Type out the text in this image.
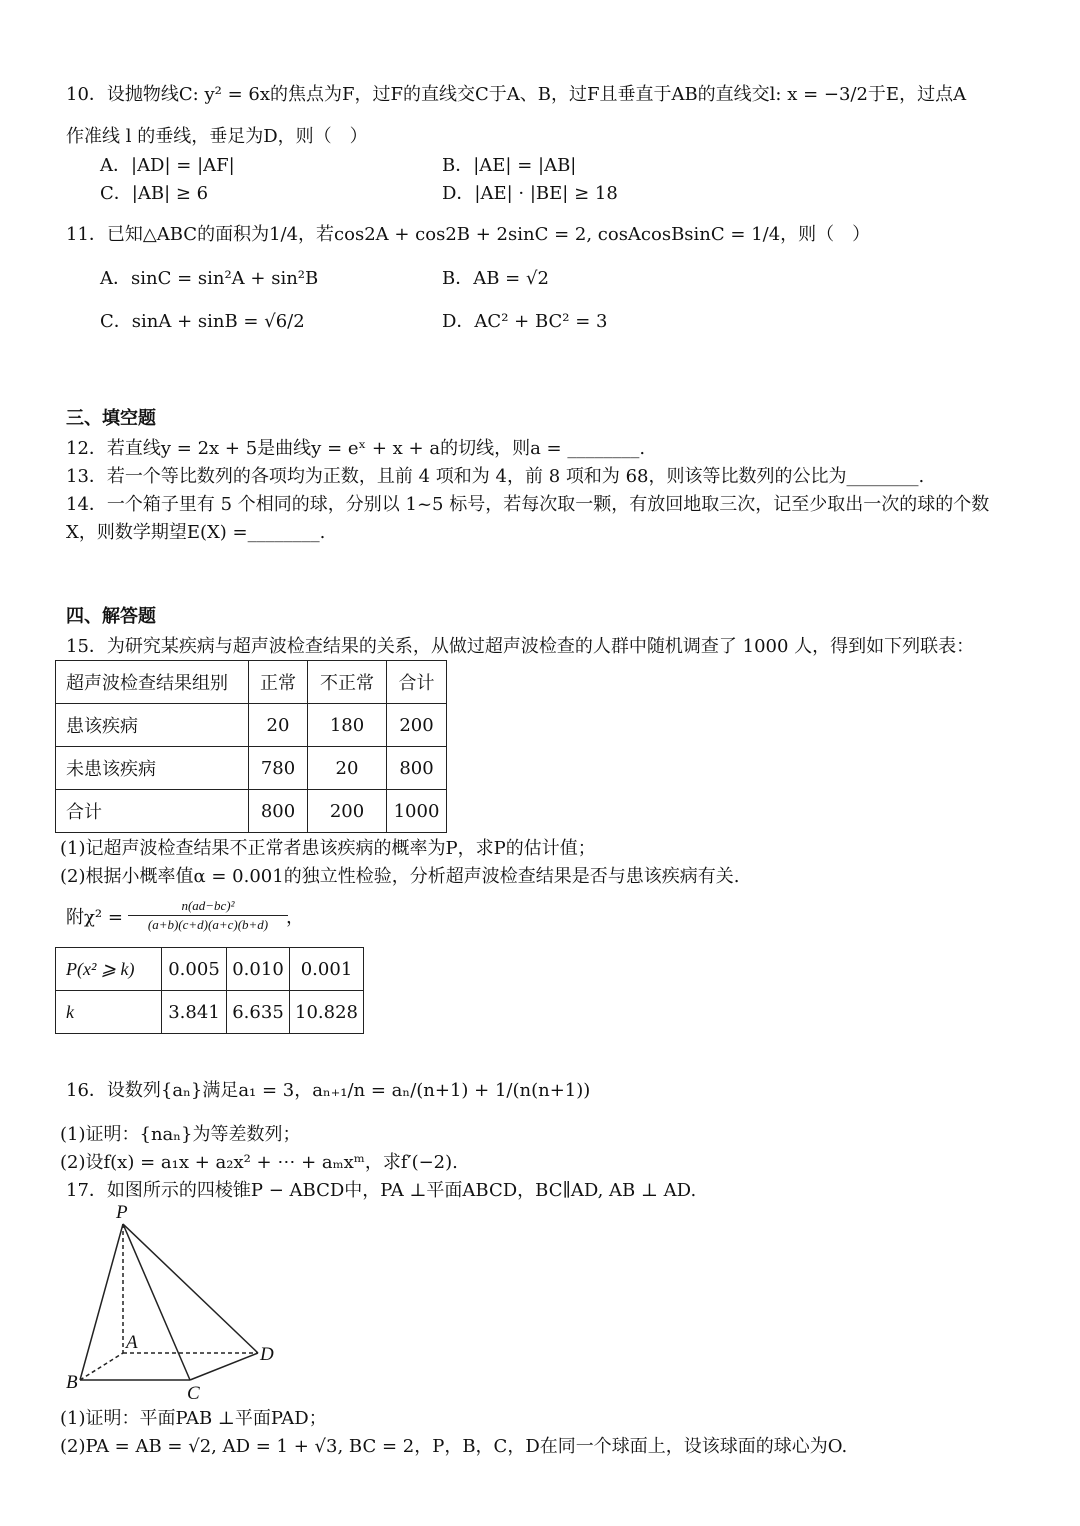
10．设抛物线C: y² = 6x的焦点为F，过F的直线交C于A、B，过F且垂直于AB的直线交l: x = −3/2于E，过点A
作准线 l 的垂线，垂足为D，则（　）
A．|AD| = |AF|	B．|AE| = |AB|
C．|AB| ≥ 6	D．|AE| · |BE| ≥ 18
11．已知△ABC的面积为1/4，若cos2A + cos2B + 2sinC = 2, cosAcosBsinC = 1/4，则（　）
A．sinC = sin²A + sin²B	B．AB = √2
C．sinA + sinB = √6/2	D．AC² + BC² = 3
三、填空题
12．若直线y = 2x + 5是曲线y = eˣ + x + a的切线，则a = ________.
13．若一个等比数列的各项均为正数，且前 4 项和为 4，前 8 项和为 68，则该等比数列的公比为________.
14．一个箱子里有 5 个相同的球，分别以 1~5 标号，若每次取一颗，有放回地取三次，记至少取出一次的球的个数
X，则数学期望E(X) =________.
四、解答题
15．为研究某疾病与超声波检查结果的关系，从做过超声波检查的人群中随机调查了 1000 人，得到如下列联表：
超声波检查结果组别	正常	不正常	合计
患该疾病	20	180	200
未患该疾病	780	20	800
合计	800	200	1000
(1)记超声波检查结果不正常者患该疾病的概率为P，求P的估计值；
(2)根据小概率值α = 0.001的独立性检验，分析超声波检查结果是否与患该疾病有关.
附χ² =
n(ad−bc)²
(a+b)(c+d)(a+c)(b+d) ，
P(x² ⩾ k)	0.005	0.010	0.001
k	3.841	6.635	10.828
16．设数列{aₙ}满足a₁ = 3，aₙ₊₁/n = aₙ/(n+1) + 1/(n(n+1))
(1)证明：{naₙ}为等差数列；
(2)设f(x) = a₁x + a₂x² + ⋯ + aₘxᵐ，求f′(−2).
17．如图所示的四棱锥P − ABCD中，PA ⊥平面ABCD，BC∥AD, AB ⊥ AD.
P
A
B
C
D
(1)证明：平面PAB ⊥平面PAD；
(2)PA = AB = √2, AD = 1 + √3, BC = 2，P，B，C，D在同一个球面上，设该球面的球心为O.
